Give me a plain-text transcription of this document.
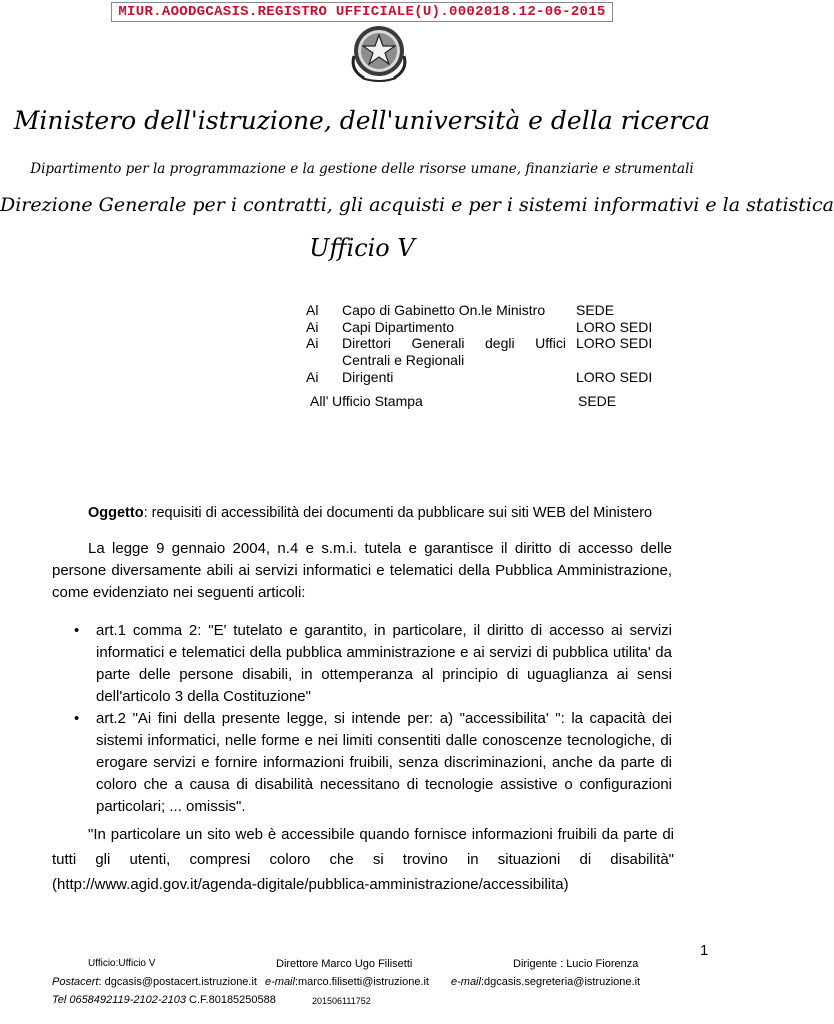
MIUR.AOODGCASIS.REGISTRO UFFICIALE(U).0002018.12-06-2015
Ministero dell'istruzione, dell'università e della ricerca
Dipartimento per la programmazione e la gestione delle risorse umane, finanziarie e strumentali
Direzione Generale per i contratti, gli acquisti e per i sistemi informativi e la statistica
Ufficio V
Al Capo di Gabinetto On.le Ministro	SEDE
Ai Capi Dipartimento	LORO SEDI
Ai Direttori Generali degli Uffici LORO SEDI
Centrali e Regionali
Ai Dirigenti	LORO SEDI
All’ Ufficio Stampa	SEDE
Oggetto: requisiti di accessibilità dei documenti da pubblicare sui siti WEB del Ministero
La legge 9 gennaio 2004, n.4 e s.m.i. tutela e garantisce il diritto di accesso delle persone diversamente abili ai servizi informatici e telematici della Pubblica Amministrazione, come evidenziato nei seguenti articoli:
• art.1 comma 2: "E' tutelato e garantito, in particolare, il diritto di accesso ai servizi informatici e telematici della pubblica amministrazione e ai servizi di pubblica utilita' da parte delle persone disabili, in ottemperanza al principio di uguaglianza ai sensi dell'articolo 3 della Costituzione"
• art.2 "Ai fini della presente legge, si intende per: a) "accessibilita' ": la capacità dei sistemi informatici, nelle forme e nei limiti consentiti dalle conoscenze tecnologiche, di erogare servizi e fornire informazioni fruibili, senza discriminazioni, anche da parte di coloro che a causa di disabilità necessitano di tecnologie assistive o configurazioni particolari; ... omissis".
"In particolare un sito web è accessibile quando fornisce informazioni fruibili da parte di tutti gli utenti, compresi coloro che si trovino in situazioni di disabilità" (http://www.agid.gov.it/agenda-digitale/pubblica-amministrazione/accessibilita)
1
Ufficio:Ufficio V	Direttore Marco Ugo Filisetti	Dirigente : Lucio Fiorenza
Postacert: dgcasis@postacert.istruzione.it e-mail:marco.filisetti@istruzione.it e-mail:dgcasis.segreteria@istruzione.it
Tel 0658492119-2102-2103 C.F.80185250588	201506111752
